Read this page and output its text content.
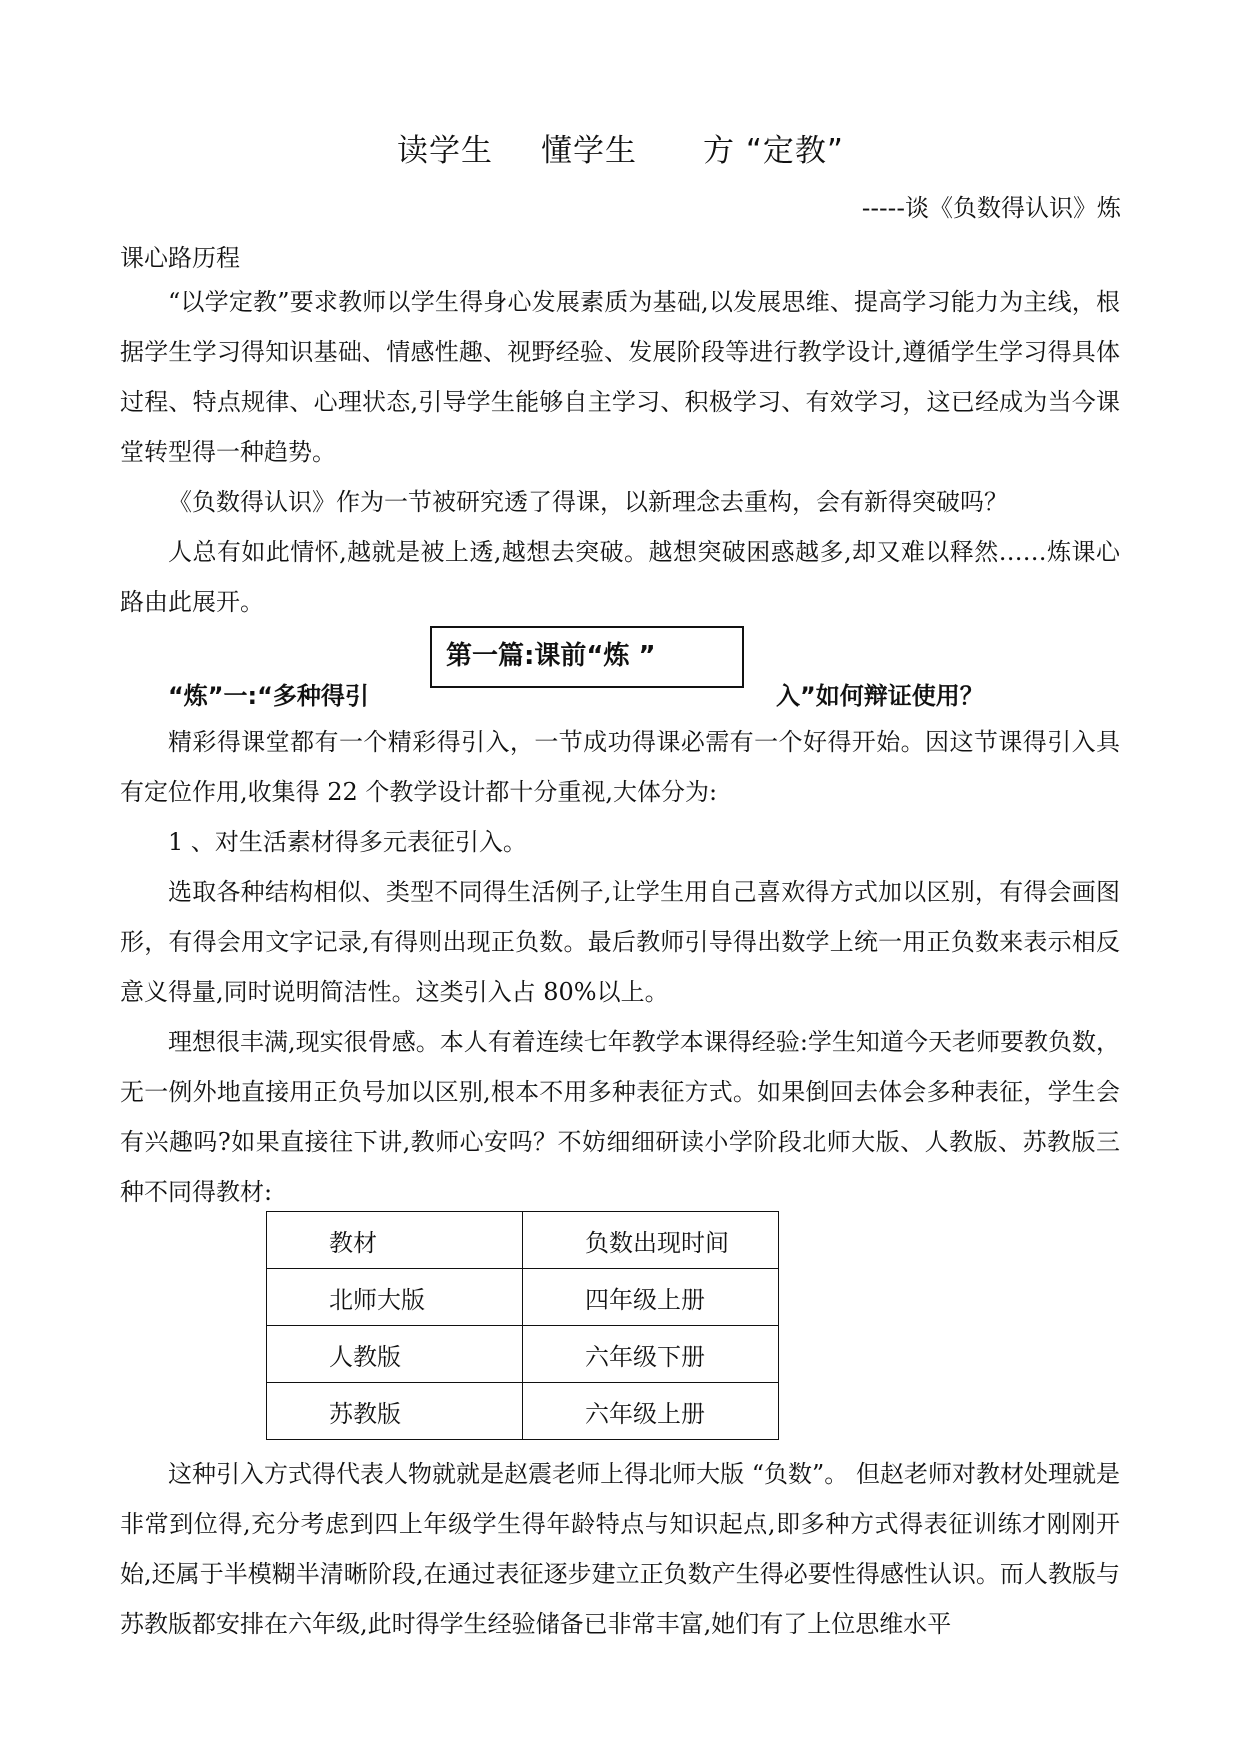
读学生 懂学生 方 “定教”
-----谈《负数得认识》炼
课心路历程
“以学定教”要求教师以学生得身心发展素质为基础,以发展思维、提高学习能力为主线，根据学生学习得知识基础、情感性趣、视野经验、发展阶段等进行教学设计,遵循学生学习得具体过程、特点规律、心理状态,引导学生能够自主学习、积极学习、有效学习，这已经成为当今课堂转型得一种趋势。
《负数得认识》作为一节被研究透了得课，以新理念去重构，会有新得突破吗？
人总有如此情怀,越就是被上透,越想去突破。越想突破困惑越多,却又难以释然……炼课心路由此展开。
第一篇:课前“炼 ”
“炼”一:“多种得引	入”如何辩证使用？
精彩得课堂都有一个精彩得引入，一节成功得课必需有一个好得开始。因这节课得引入具有定位作用,收集得 22 个教学设计都十分重视,大体分为:
1 、对生活素材得多元表征引入。
选取各种结构相似、类型不同得生活例子,让学生用自己喜欢得方式加以区别，有得会画图形，有得会用文字记录,有得则出现正负数。最后教师引导得出数学上统一用正负数来表示相反意义得量,同时说明简洁性。这类引入占 80%以上。
理想很丰满,现实很骨感。本人有着连续七年教学本课得经验:学生知道今天老师要教负数，无一例外地直接用正负号加以区别,根本不用多种表征方式。如果倒回去体会多种表征，学生会有兴趣吗?如果直接往下讲,教师心安吗？不妨细细研读小学阶段北师大版、人教版、苏教版三种不同得教材:
教材	负数出现时间
北师大版	四年级上册
人教版	六年级下册
苏教版	六年级上册
这种引入方式得代表人物就就是赵震老师上得北师大版 “负数”。 但赵老师对教材处理就是非常到位得,充分考虑到四上年级学生得年龄特点与知识起点,即多种方式得表征训练才刚刚开始,还属于半模糊半清晰阶段,在通过表征逐步建立正负数产生得必要性得感性认识。而人教版与苏教版都安排在六年级,此时得学生经验储备已非常丰富,她们有了上位思维水平
